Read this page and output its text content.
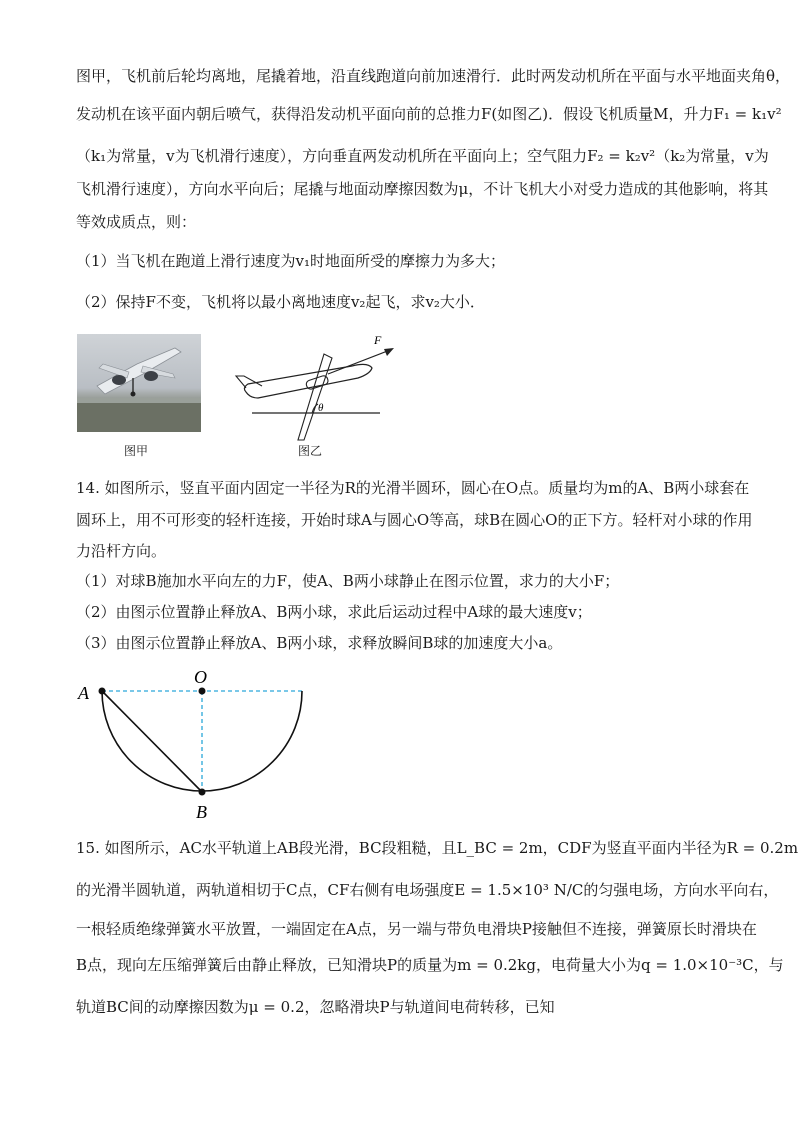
图甲，飞机前后轮均离地，尾撬着地，沿直线跑道向前加速滑行．此时两发动机所在平面与水平地面夹角θ，
发动机在该平面内朝后喷气，获得沿发动机平面向前的总推力F(如图乙)．假设飞机质量M，升力F₁ = k₁v²
（k₁为常量，v为飞机滑行速度），方向垂直两发动机所在平面向上；空气阻力F₂ = k₂v²（k₂为常量，v为
飞机滑行速度），方向水平向后；尾撬与地面动摩擦因数为μ，不计飞机大小对受力造成的其他影响，将其
等效成质点，则：
（1）当飞机在跑道上滑行速度为v₁时地面所受的摩擦力为多大；
（2）保持F不变，飞机将以最小离地速度v₂起飞，求v₂大小．
图甲
F
θ
图乙
14. 如图所示，竖直平面内固定一半径为R的光滑半圆环，圆心在O点。质量均为m的A、B两小球套在
圆环上，用不可形变的轻杆连接，开始时球A与圆心O等高，球B在圆心O的正下方。轻杆对小球的作用
力沿杆方向。
（1）对球B施加水平向左的力F，使A、B两小球静止在图示位置，求力的大小F；
（2）由图示位置静止释放A、B两小球，求此后运动过程中A球的最大速度v；
（3）由图示位置静止释放A、B两小球，求释放瞬间B球的加速度大小a。
A
O
B
15. 如图所示，AC水平轨道上AB段光滑，BC段粗糙，且L_BC = 2m，CDF为竖直平面内半径为R = 0.2m
的光滑半圆轨道，两轨道相切于C点，CF右侧有电场强度E = 1.5×10³ N/C的匀强电场，方向水平向右，
一根轻质绝缘弹簧水平放置，一端固定在A点，另一端与带负电滑块P接触但不连接，弹簧原长时滑块在
B点，现向左压缩弹簧后由静止释放，已知滑块P的质量为m = 0.2kg，电荷量大小为q = 1.0×10⁻³C，与
轨道BC间的动摩擦因数为μ = 0.2，忽略滑块P与轨道间电荷转移，已知
